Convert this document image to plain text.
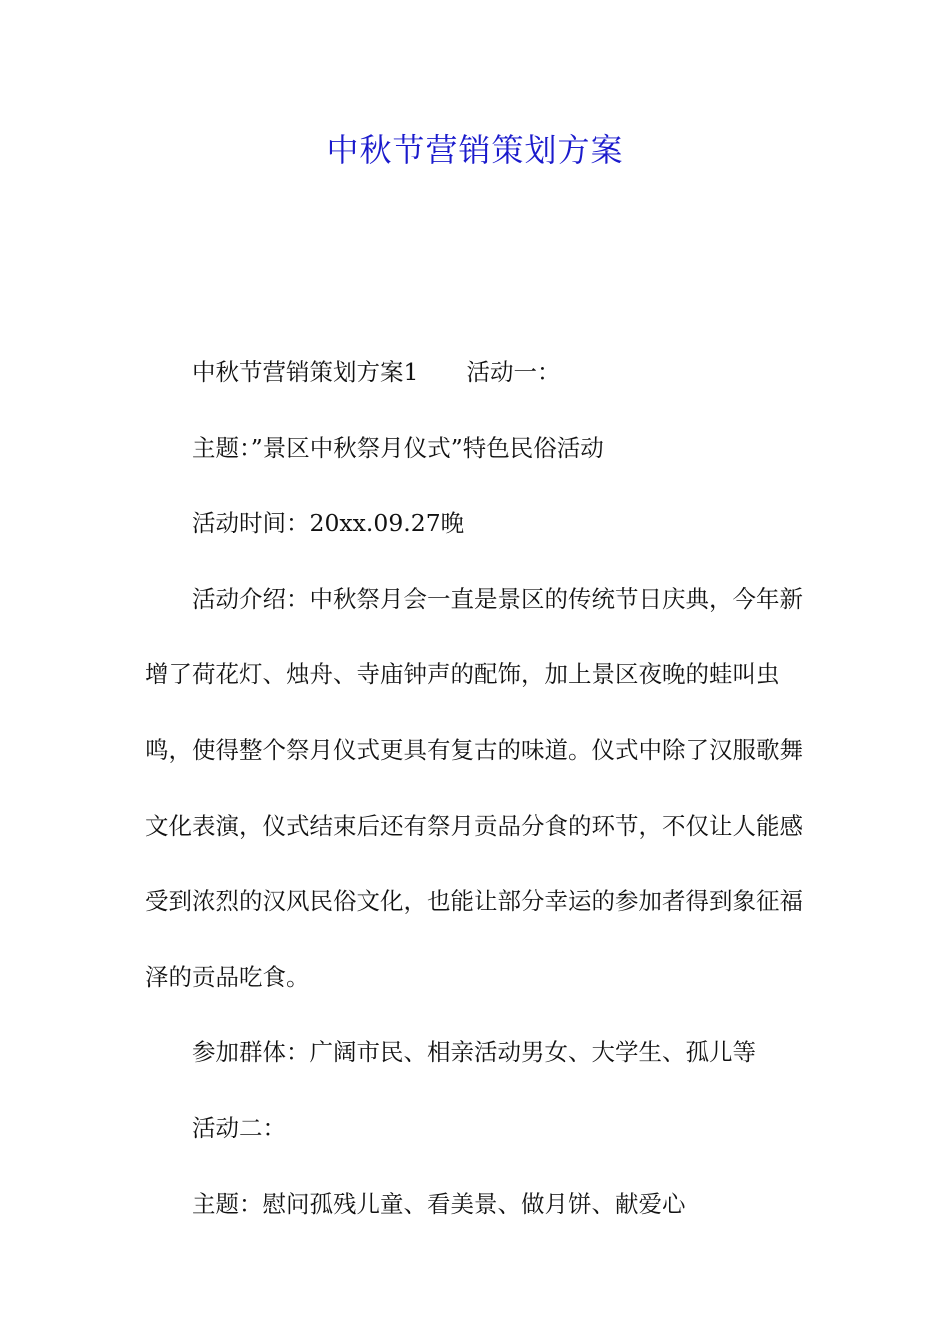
中秋节营销策划方案

中秋节营销策划方案1 活动一：

主题：”景区中秋祭月仪式”特色民俗活动

活动时间：20xx.09.27晚

活动介绍：中秋祭月会一直是景区的传统节日庆典，今年新增了荷花灯、烛舟、寺庙钟声的配饰，加上景区夜晚的蛙叫虫鸣，使得整个祭月仪式更具有复古的味道。仪式中除了汉服歌舞文化表演，仪式结束后还有祭月贡品分食的环节，不仅让人能感受到浓烈的汉风民俗文化，也能让部分幸运的参加者得到象征福泽的贡品吃食。

参加群体：广阔市民、相亲活动男女、大学生、孤儿等

活动二：

主题：慰问孤残儿童、看美景、做月饼、献爱心
